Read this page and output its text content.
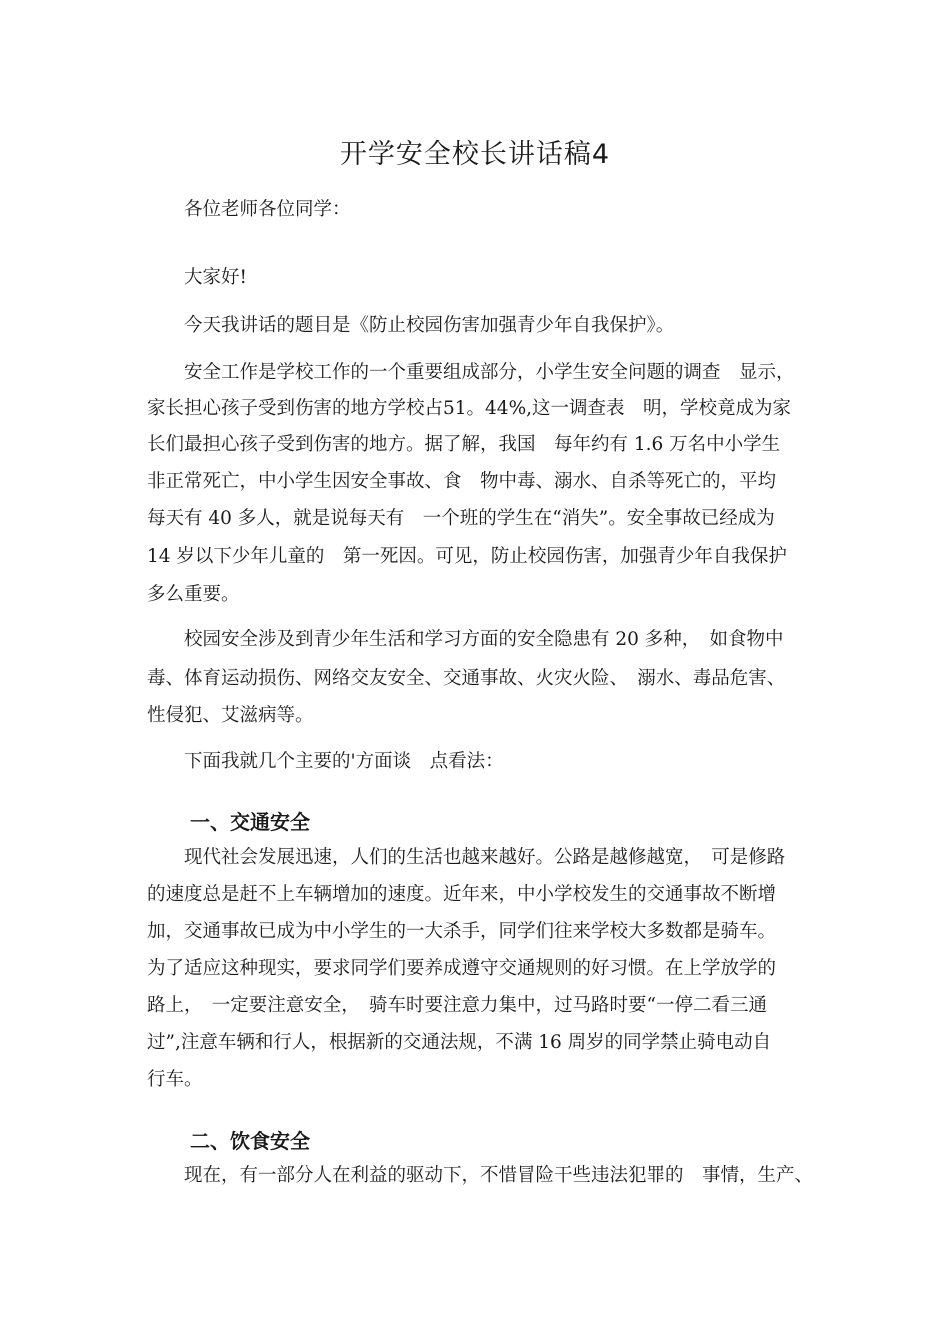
开学安全校长讲话稿4

各位老师各位同学：

大家好!

今天我讲话的题目是《防止校园伤害加强青少年自我保护》。

安全工作是学校工作的一个重要组成部分，小学生安全问题的调查　显示，

家长担心孩子受到伤害的地方学校占51。44%,这一调查表　明，学校竟成为家

长们最担心孩子受到伤害的地方。据了解，我国　每年约有 1.6 万名中小学生

非正常死亡，中小学生因安全事故、食　物中毒、溺水、自杀等死亡的，平均

每天有 40 多人，就是说每天有　一个班的学生在“消失”。安全事故已经成为

14 岁以下少年儿童的　第一死因。可见，防止校园伤害，加强青少年自我保护

多么重要。

校园安全涉及到青少年生活和学习方面的安全隐患有 20 多种，　如食物中

毒、体育运动损伤、网络交友安全、交通事故、火灾火险、　溺水、毒品危害、

性侵犯、艾滋病等。

下面我就几个主要的'方面谈　点看法：

一、交通安全

现代社会发展迅速，人们的生活也越来越好。公路是越修越宽，　可是修路

的速度总是赶不上车辆增加的速度。近年来，中小学校发生的交通事故不断增

加，交通事故已成为中小学生的一大杀手，同学们往来学校大多数都是骑车。

为了适应这种现实，要求同学们要养成遵守交通规则的好习惯。在上学放学的

路上，　一定要注意安全，　骑车时要注意力集中，过马路时要“一停二看三通

过”,注意车辆和行人，根据新的交通法规，不满 16 周岁的同学禁止骑电动自

行车。

二、饮食安全

现在，有一部分人在利益的驱动下，不惜冒险干些违法犯罪的　事情，生产、
